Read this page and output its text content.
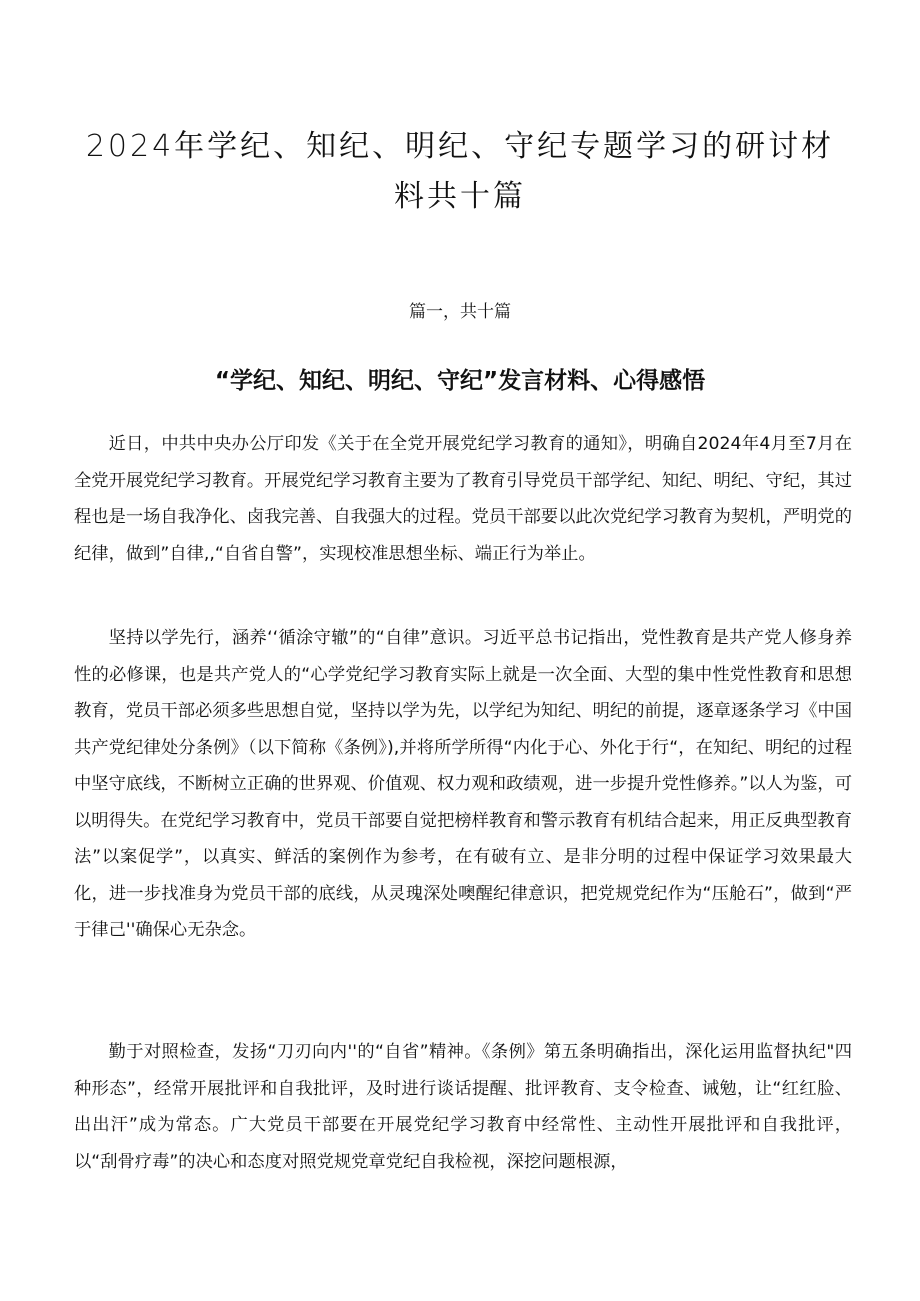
2024年学纪、知纪、明纪、守纪专题学习的研讨材料共十篇

篇一，共十篇

“学纪、知纪、明纪、守纪”发言材料、心得感悟

近日，中共中央办公厅印发《关于在全党开展党纪学习教育的通知》，明确自2024年4月至7月在全党开展党纪学习教育。开展党纪学习教育主要为了教育引导党员干部学纪、知纪、明纪、守纪，其过程也是一场自我净化、卤我完善、自我强大的过程。党员干部要以此次党纪学习教育为契机，严明党的纪律，做到”自律,,“自省自警”，实现校准思想坐标、端正行为举止。

坚持以学先行，涵养‘‘循涂守辙”的“自律”意识。习近平总书记指出，党性教育是共产党人修身养性的必修课，也是共产党人的“心学党纪学习教育实际上就是一次全面、大型的集中性党性教育和思想教育，党员干部必须多些思想自觉，坚持以学为先，以学纪为知纪、明纪的前提，逐章逐条学习《中国共产党纪律处分条例》（以下简称《条例》),并将所学所得“内化于心、外化于行“，在知纪、明纪的过程中坚守底线，不断树立正确的世界观、价值观、权力观和政绩观，进一步提升党性修养。”以人为鉴，可以明得失。在党纪学习教育中，党员干部要自觉把榜样教育和警示教育有机结合起来，用正反典型教育法”以案促学”，以真实、鲜活的案例作为参考，在有破有立、是非分明的过程中保证学习效果最大化，进一步找准身为党员干部的底线，从灵瑰深处噢醒纪律意识，把党规党纪作为“压舱石”，做到“严于律己''确保心无杂念。

勤于对照检查，发扬“刀刃向内''的“自省”精神。《条例》第五条明确指出，深化运用监督执纪"四种形态”，经常开展批评和自我批评，及时进行谈话提醒、批评教育、支令检查、诫勉，让“红红脸、出出汗”成为常态。广大党员干部要在开展党纪学习教育中经常性、主动性开展批评和自我批评，以“刮骨疗毒”的决心和态度对照党规党章党纪自我检视，深挖问题根源，
